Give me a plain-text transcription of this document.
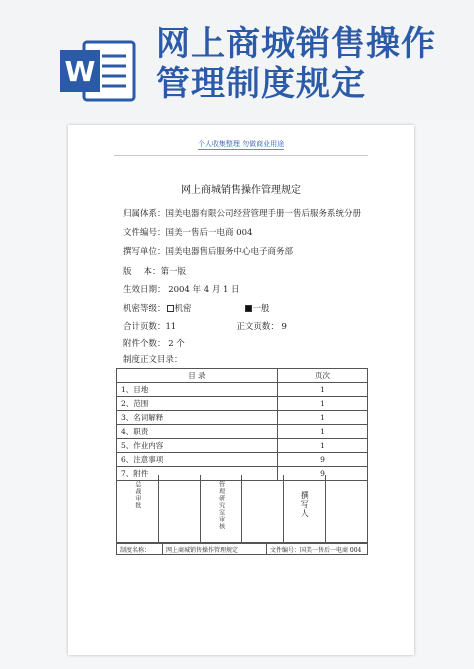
W
网上商城销售操作
管理制度规定
个人收集整理 勿做商业用途
网上商城销售操作管理规定
归属体系：国美电器有限公司经营管理手册一售后服务系统分册
文件编号：国美一售后一电商 004
撰写单位：国美电器售后服务中心电子商务部
版 本：第一版
生效日期： 2004 年 4 月 1 日
机密等级： 机密	一般
合计页数：11	正文页数： 9
附件个数： 2 个
制度正文目录：
目 录	页次
1、目地	1
2、范围	1
3、名词解释	1
4、职责	1
5、作业内容	1
6、注意事项	9
7、附件	9
总裁审批	管理研究室审核	撰写人
制度名称：	网上商城销售操作管理规定	文件编号：国美一售后一电商 004
